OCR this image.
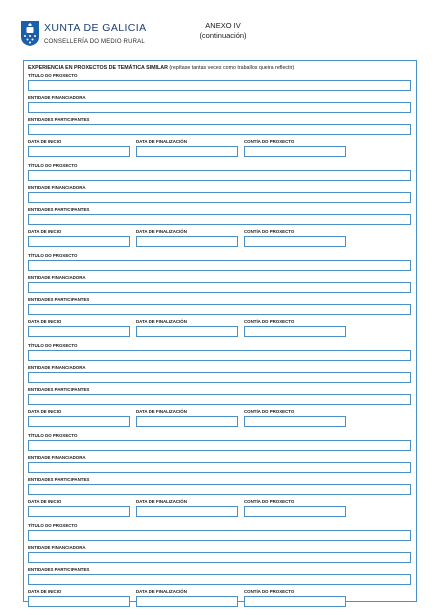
XUNTA DE GALICIA
CONSELLERÍA DO MEDIO RURAL
ANEXO IV
(continuación)
EXPERIENCIA EN PROXECTOS DE TEMÁTICA SIMILAR (repítase tantas veces como traballos queira reflectir)
TÍTULO DO PROXECTO
ENTIDADE FINANCIADORA
ENTIDADES PARTICIPANTES
DATA DE INICIO	DATA DE FINALIZACIÓN	CONTÍA DO PROXECTO
TÍTULO DO PROXECTO
ENTIDADE FINANCIADORA
ENTIDADES PARTICIPANTES
DATA DE INICIO	DATA DE FINALIZACIÓN	CONTÍA DO PROXECTO
TÍTULO DO PROXECTO
ENTIDADE FINANCIADORA
ENTIDADES PARTICIPANTES
DATA DE INICIO	DATA DE FINALIZACIÓN	CONTÍA DO PROXECTO
TÍTULO DO PROXECTO
ENTIDADE FINANCIADORA
ENTIDADES PARTICIPANTES
DATA DE INICIO	DATA DE FINALIZACIÓN	CONTÍA DO PROXECTO
TÍTULO DO PROXECTO
ENTIDADE FINANCIADORA
ENTIDADES PARTICIPANTES
DATA DE INICIO	DATA DE FINALIZACIÓN	CONTÍA DO PROXECTO
TÍTULO DO PROXECTO
ENTIDADE FINANCIADORA
ENTIDADES PARTICIPANTES
DATA DE INICIO	DATA DE FINALIZACIÓN	CONTÍA DO PROXECTO
